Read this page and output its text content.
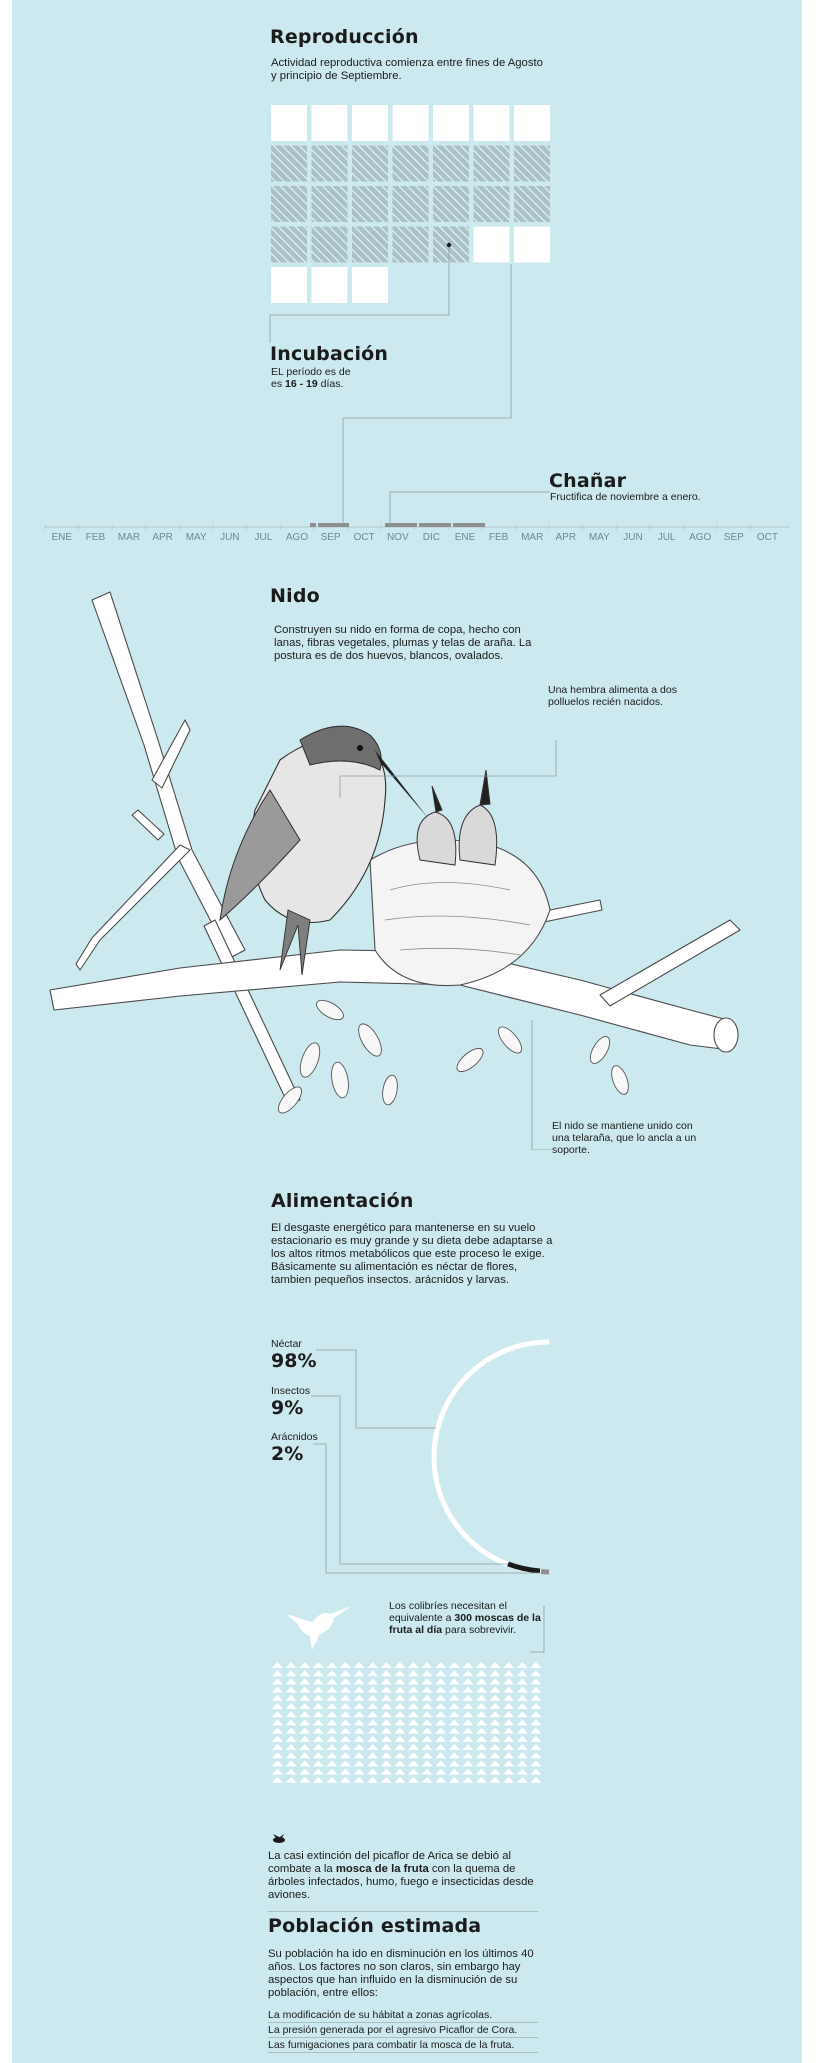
Reproducción
Actividad reproductiva comienza entre fines de Agosto y principio de Septiembre.
Incubación
EL período es de
es 16 - 19 días.
Chañar
Fructifica de noviembre a enero.
ENE FEB MAR APR MAY JUN JUL AGO SEP OCT NOV DIC ENE FEB MAR APR MAY JUN JUL AGO SEP OCT
Nido
Construyen su nido en forma de copa, hecho con lanas, fibras vegetales, plumas y telas de araña. La postura es de dos huevos, blancos, ovalados.
Una hembra alimenta a dos polluelos recién nacidos.
El nido se mantiene unido con una telaraña, que lo ancla a un soporte.
Alimentación
El desgaste energético para mantenerse en su vuelo estacionario es muy grande y su dieta debe adaptarse a los altos ritmos metabólicos que este proceso le exige. Básicamente su alimentación es néctar de flores, tambien pequeños insectos. arácnidos y larvas.
Néctar
98%
Insectos
9%
Arácnidos
2%
Los colibríes necesitan el equivalente a 300 moscas de la fruta al día para sobrevivir.
La casi extinción del picaflor de Arica se debió al combate a la mosca de la fruta con la quema de árboles infectados, humo, fuego e insecticidas desde aviones.
Población estimada
Su población ha ido en disminución en los últimos 40 años. Los factores no son claros, sin embargo hay aspectos que han influido en la disminución de su población, entre ellos:
La modificación de su hábitat a zonas agrícolas.
La presión generada por el agresivo Picaflor de Cora.
Las fumigaciones para combatir la mosca de la fruta.
